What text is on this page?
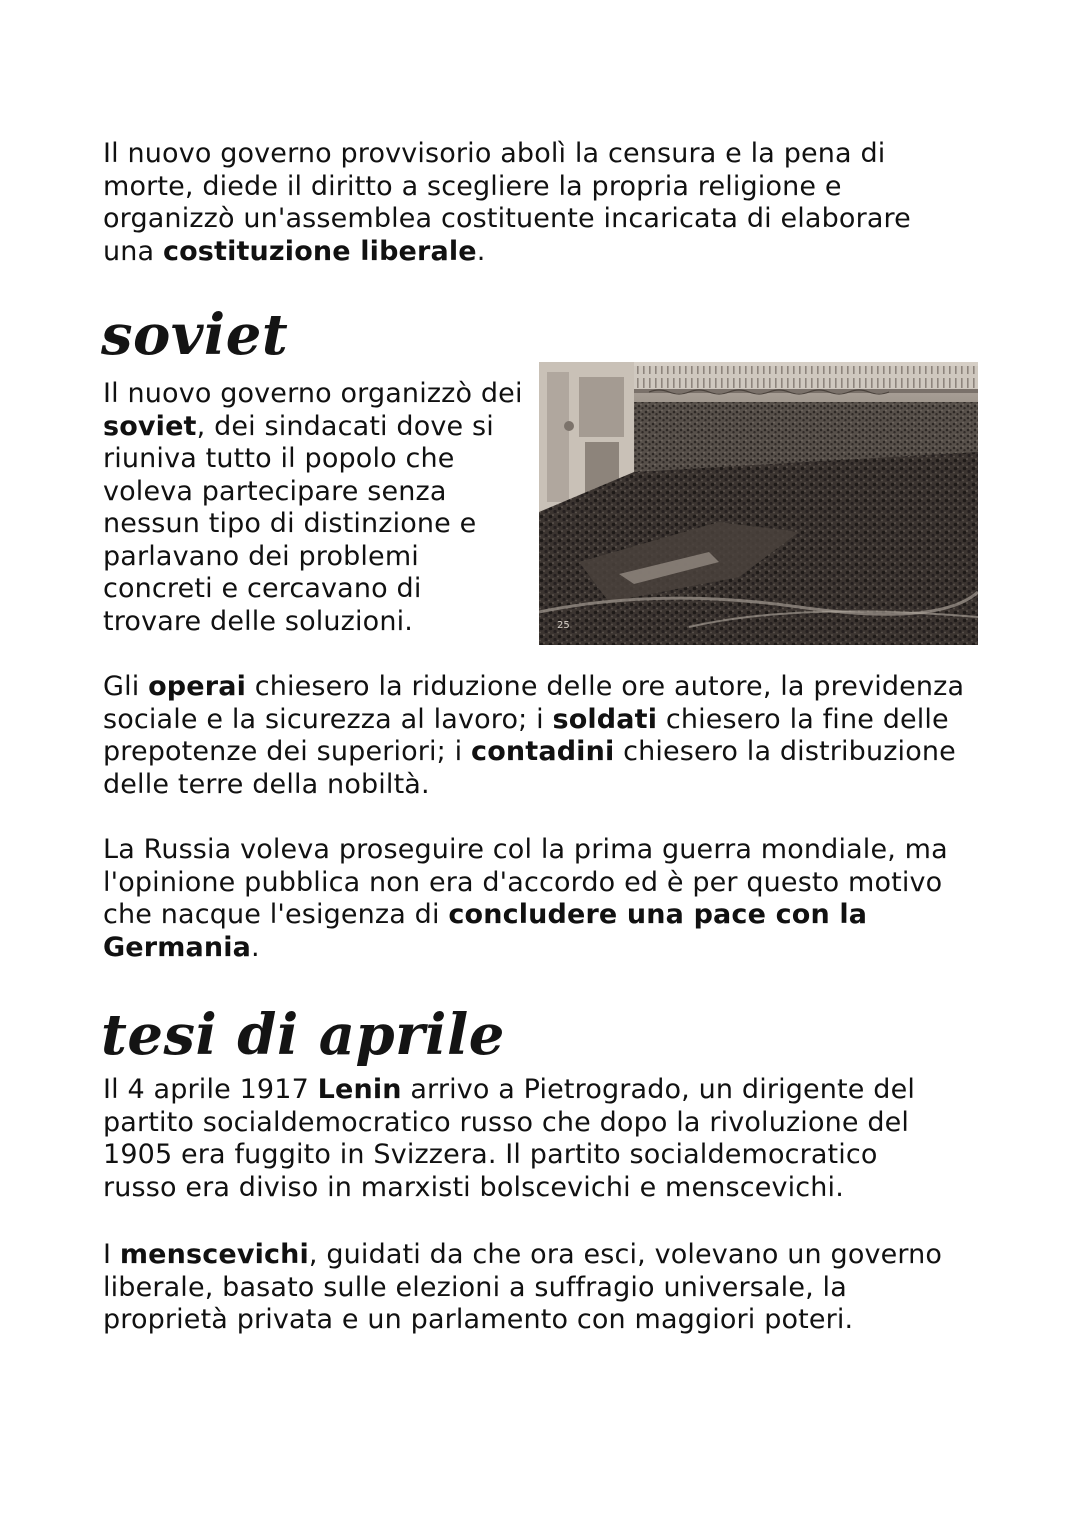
Il nuovo governo provvisorio abolì la censura e la pena di morte, diede il diritto a scegliere la propria religione e organizzò un'assemblea costituente incaricata di elaborare una costituzione liberale.

soviet

Il nuovo governo organizzò dei soviet, dei sindacati dove si riuniva tutto il popolo che voleva partecipare senza nessun tipo di distinzione e parlavano dei problemi concreti e cercavano di trovare delle soluzioni.	25

Gli operai chiesero la riduzione delle ore autore, la previdenza sociale e la sicurezza al lavoro; i soldati chiesero la fine delle prepotenze dei superiori; i contadini chiesero la distribuzione delle terre della nobiltà.

La Russia voleva proseguire col la prima guerra mondiale, ma l'opinione pubblica non era d'accordo ed è per questo motivo che nacque l'esigenza di concludere una pace con la Germania.

tesi di aprile

Il 4 aprile 1917 Lenin arrivo a Pietrogrado, un dirigente del partito socialdemocratico russo che dopo la rivoluzione del 1905 era fuggito in Svizzera. Il partito socialdemocratico russo era diviso in marxisti bolscevichi e menscevichi.

I menscevichi, guidati da che ora esci, volevano un governo liberale, basato sulle elezioni a suffragio universale, la proprietà privata e un parlamento con maggiori poteri.
